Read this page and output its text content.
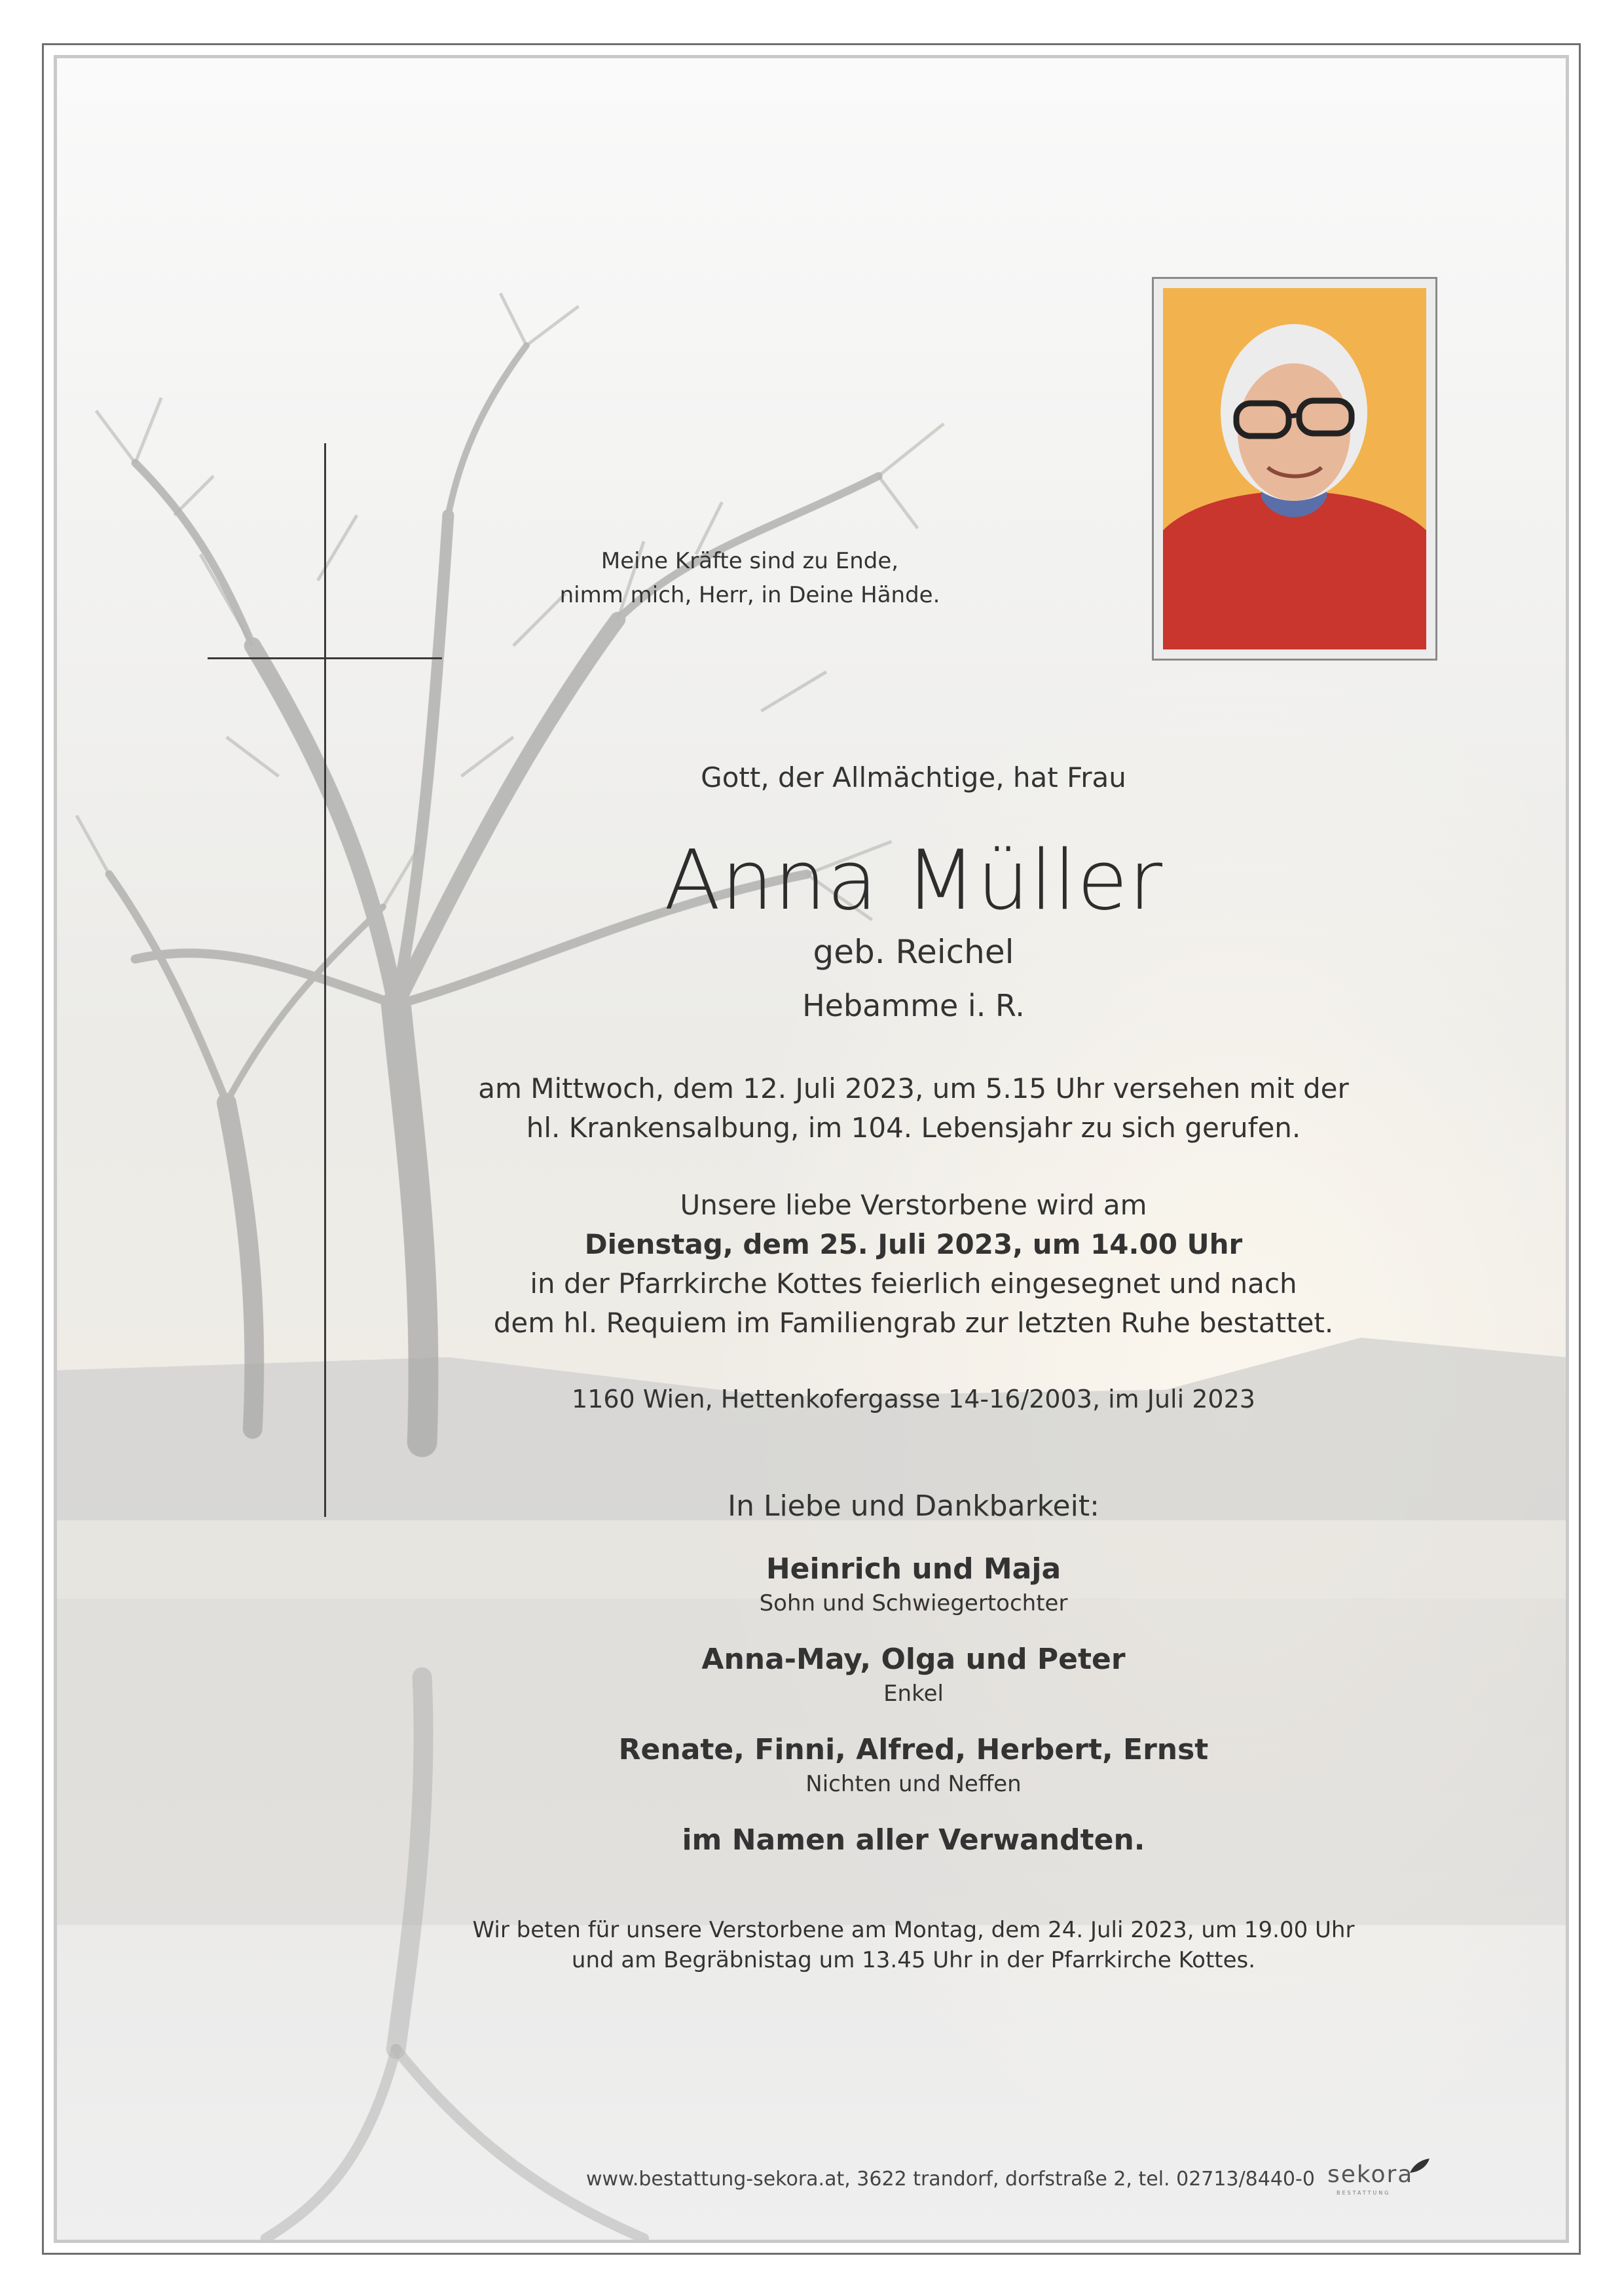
Meine Kräfte sind zu Ende,
nimm mich, Herr, in Deine Hände.
Gott, der Allmächtige, hat Frau
Anna Müller
geb. Reichel
Hebamme i. R.
am Mittwoch, dem 12. Juli 2023, um 5.15 Uhr versehen mit der
hl. Krankensalbung, im 104. Lebensjahr zu sich gerufen.
Unsere liebe Verstorbene wird am
Dienstag, dem 25. Juli 2023, um 14.00 Uhr
in der Pfarrkirche Kottes feierlich eingesegnet und nach
dem hl. Requiem im Familiengrab zur letzten Ruhe bestattet.
1160 Wien, Hettenkofergasse 14-16/2003, im Juli 2023
In Liebe und Dankbarkeit:
Heinrich und Maja
Sohn und Schwiegertochter
Anna-May, Olga und Peter
Enkel
Renate, Finni, Alfred, Herbert, Ernst
Nichten und Neffen
im Namen aller Verwandten.
Wir beten für unsere Verstorbene am Montag, dem 24. Juli 2023, um 19.00 Uhr
und am Begräbnistag um 13.45 Uhr in der Pfarrkirche Kottes.
www.bestattung-sekora.at, 3622 trandorf, dorfstraße 2, tel. 02713/8440-0 sekora
BESTATTUNG
